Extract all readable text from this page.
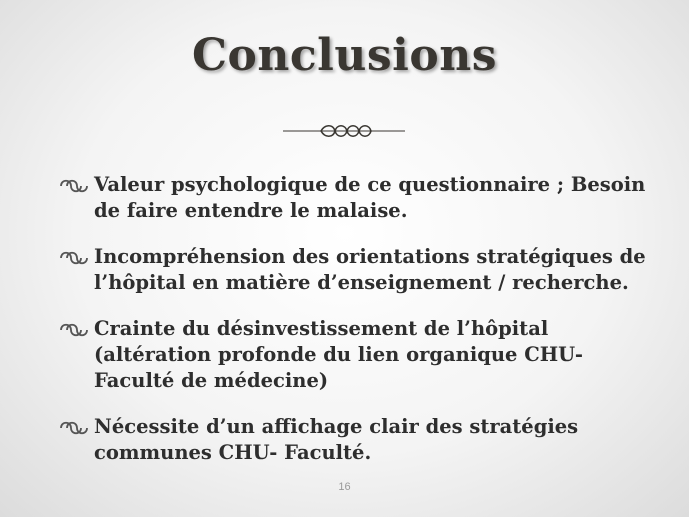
Conclusions
Valeur psychologique de ce questionnaire ; Besoin de faire entendre le malaise.
Incompréhension des orientations stratégiques de l’hôpital en matière d’enseignement / recherche.
Crainte du désinvestissement de l’hôpital (altération profonde du lien organique CHU-Faculté de médecine)
Nécessite d’un affichage clair des stratégies communes CHU- Faculté.
16
